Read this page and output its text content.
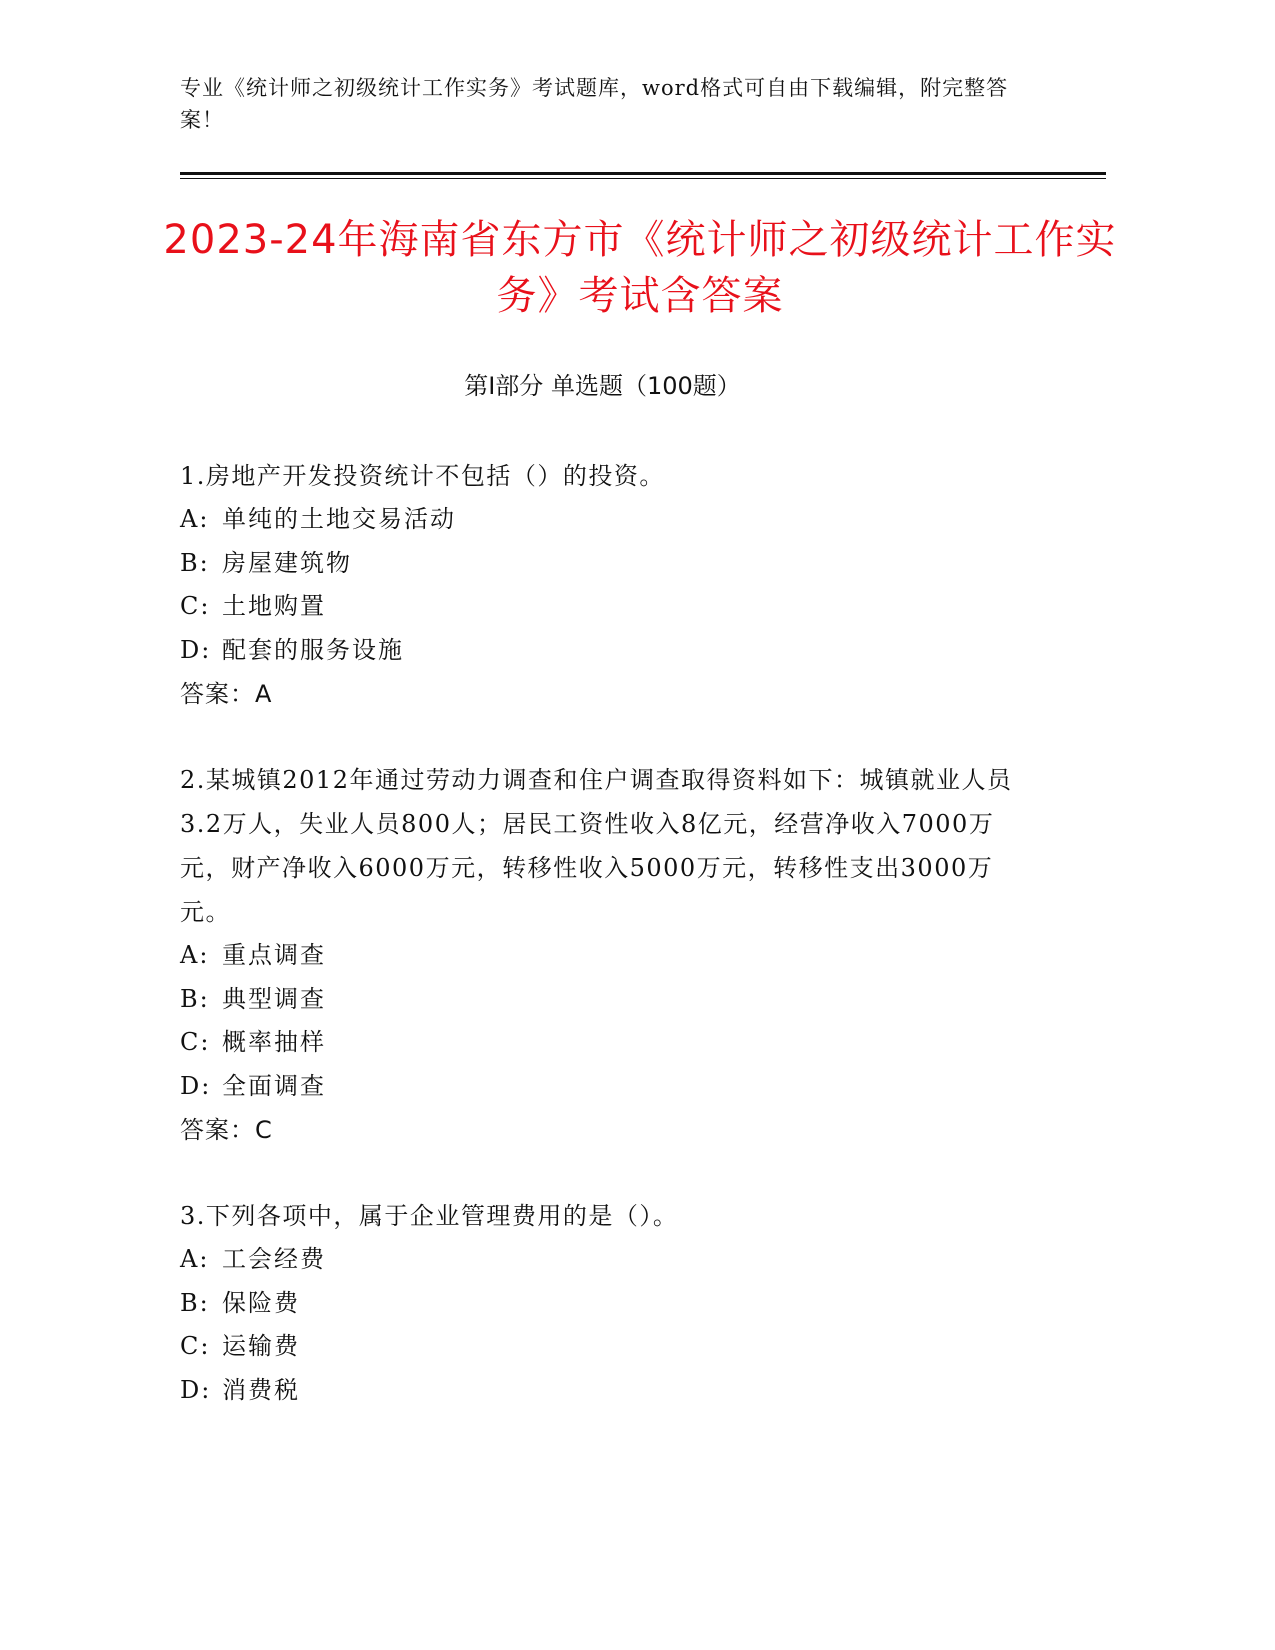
专业《统计师之初级统计工作实务》考试题库，word格式可自由下载编辑，附完整答案！
2023-24年海南省东方市《统计师之初级统计工作实务》考试含答案
第I部分 单选题（100题）
1.房地产开发投资统计不包括（）的投资。
A: 单纯的土地交易活动
B: 房屋建筑物
C: 土地购置
D: 配套的服务设施
答案：A
2.某城镇2012年通过劳动力调查和住户调查取得资料如下：城镇就业人员3.2万人，失业人员800人；居民工资性收入8亿元，经营净收入7000万元，财产净收入6000万元，转移性收入5000万元，转移性支出3000万元。
A: 重点调查
B: 典型调查
C: 概率抽样
D: 全面调查
答案：C
3.下列各项中，属于企业管理费用的是（）。
A: 工会经费
B: 保险费
C: 运输费
D: 消费税
